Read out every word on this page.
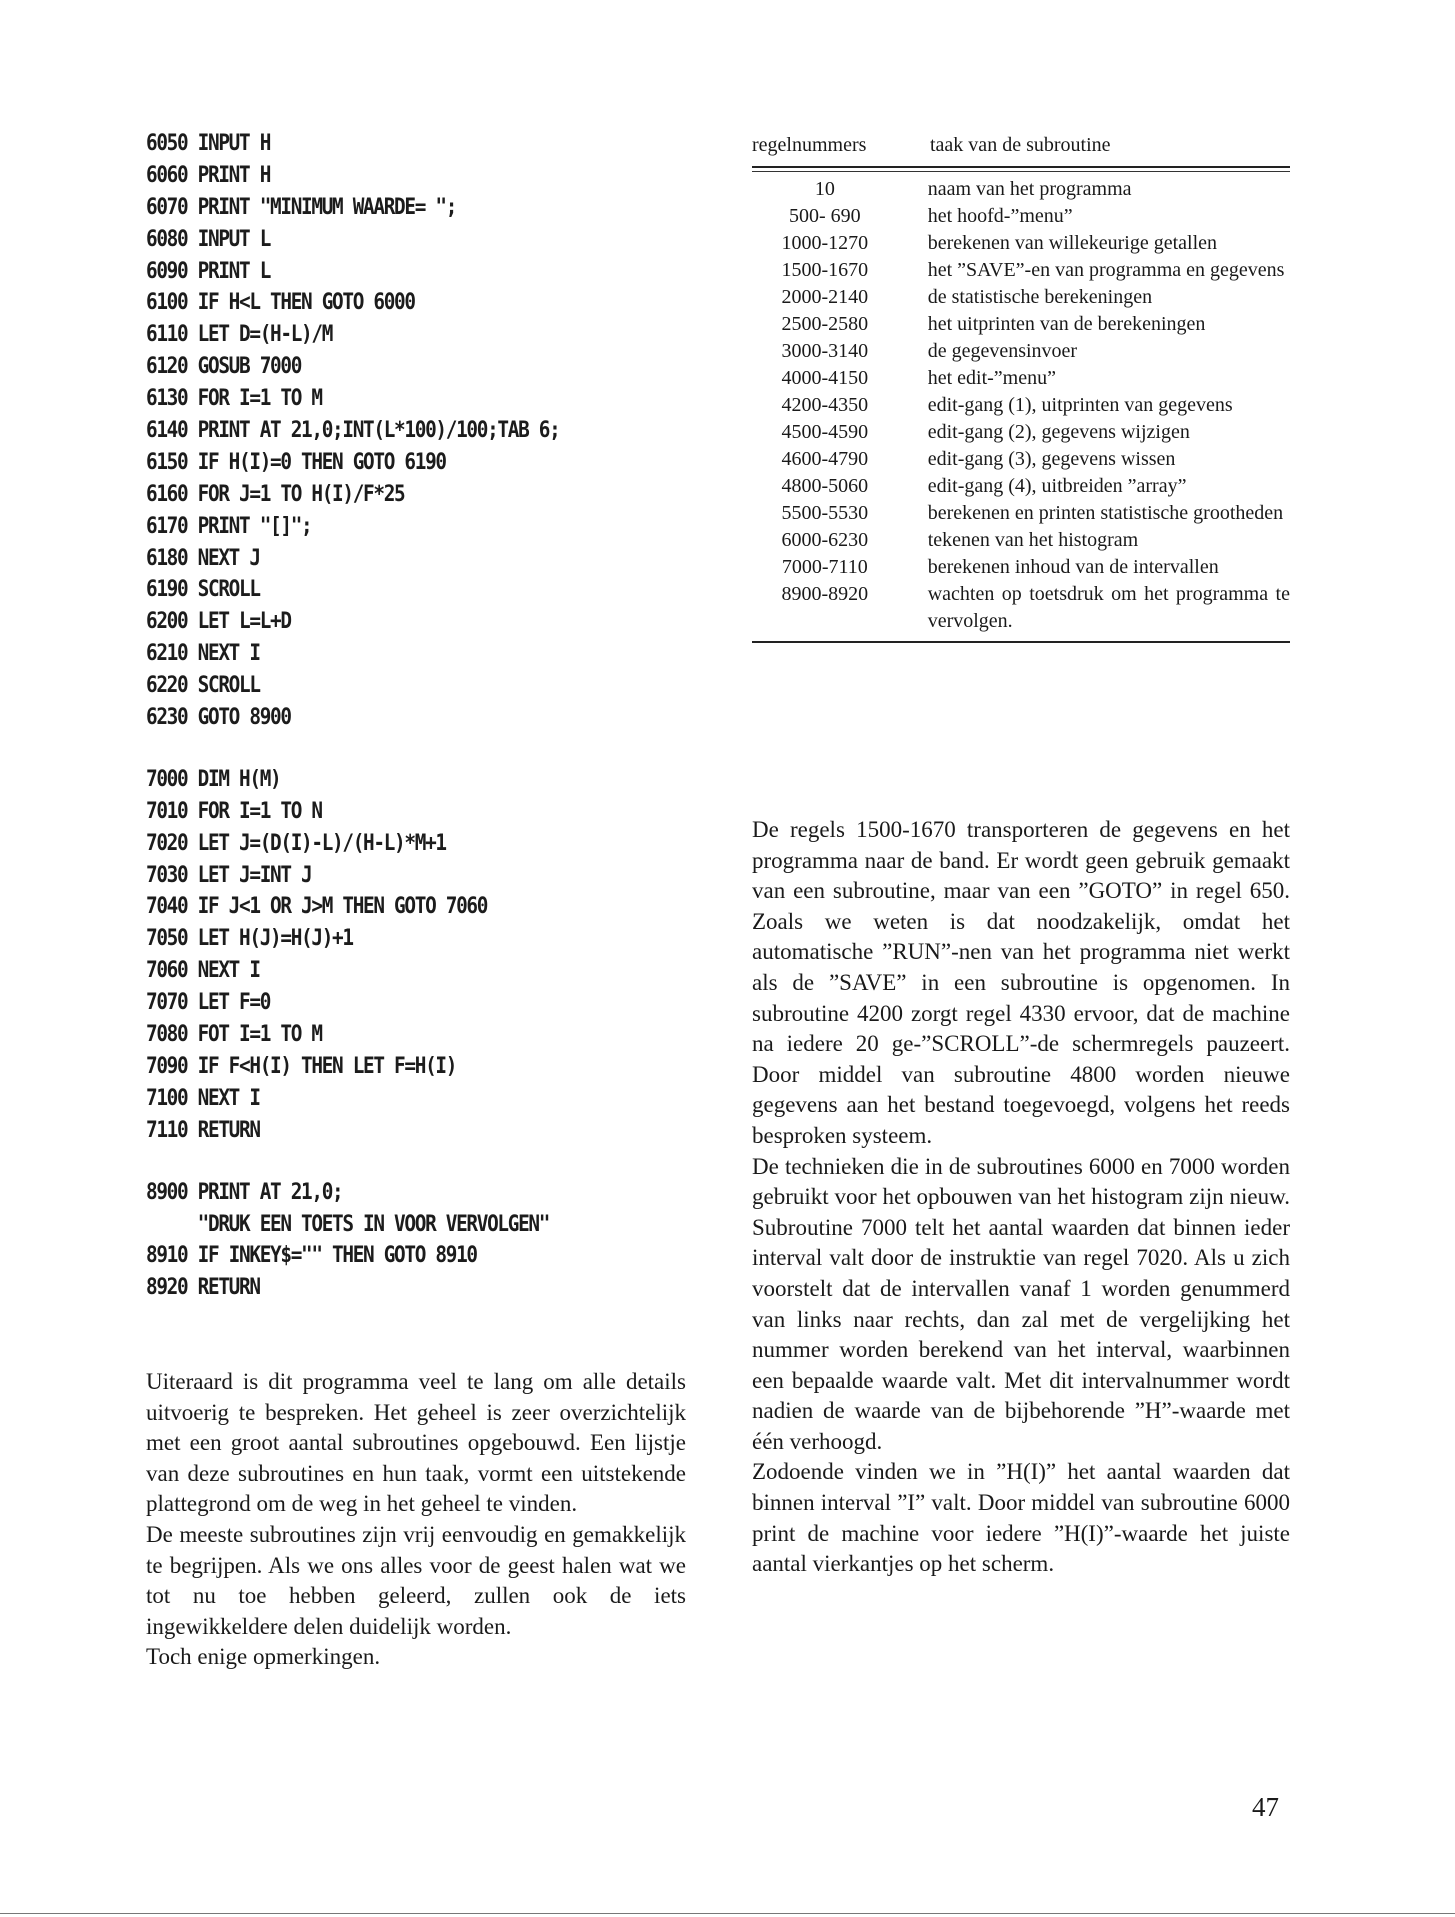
6050 INPUT H
6060 PRINT H
6070 PRINT "MINIMUM WAARDE= ";
6080 INPUT L
6090 PRINT L
6100 IF H<L THEN GOTO 6000
6110 LET D=(H-L)/M
6120 GOSUB 7000
6130 FOR I=1 TO M
6140 PRINT AT 21,0;INT(L*100)/100;TAB 6;
6150 IF H(I)=0 THEN GOTO 6190
6160 FOR J=1 TO H(I)/F*25
6170 PRINT "[]";
6180 NEXT J
6190 SCROLL
6200 LET L=L+D
6210 NEXT I
6220 SCROLL
6230 GOTO 8900
7000 DIM H(M)
7010 FOR I=1 TO N
7020 LET J=(D(I)-L)/(H-L)*M+1
7030 LET J=INT J
7040 IF J<1 OR J>M THEN GOTO 7060
7050 LET H(J)=H(J)+1
7060 NEXT I
7070 LET F=0
7080 FOT I=1 TO M
7090 IF F<H(I) THEN LET F=H(I)
7100 NEXT I
7110 RETURN
8900 PRINT AT 21,0;
"DRUK EEN TOETS IN VOOR VERVOLGEN"
8910 IF INKEY$="" THEN GOTO 8910
8920 RETURN

Uiteraard is dit programma veel te lang om alle details uitvoerig te bespreken. Het geheel is zeer overzichtelijk met een groot aantal subroutines opgebouwd. Een lijstje van deze subroutines en hun taak, vormt een uitstekende plattegrond om de weg in het geheel te vinden.

De meeste subroutines zijn vrij eenvoudig en gemakkelijk te begrijpen. Als we ons alles voor de geest halen wat we tot nu toe hebben geleerd, zullen ook de iets ingewikkeldere delen duidelijk worden.

Toch enige opmerkingen.

regelnummers	taak van de subroutine
10	naam van het programma
500- 690	het hoofd-”menu”
1000-1270	berekenen van willekeurige getallen
1500-1670	het ”SAVE”-en van programma en gegevens
2000-2140	de statistische berekeningen
2500-2580	het uitprinten van de berekeningen
3000-3140	de gegevensinvoer
4000-4150	het edit-”menu”
4200-4350	edit-gang (1), uitprinten van gegevens
4500-4590	edit-gang (2), gegevens wijzigen
4600-4790	edit-gang (3), gegevens wissen
4800-5060	edit-gang (4), uitbreiden ”array”
5500-5530	berekenen en printen statistische grootheden
6000-6230	tekenen van het histogram
7000-7110	berekenen inhoud van de intervallen
8900-8920	wachten op toetsdruk om het programma te vervolgen.

De regels 1500-1670 transporteren de gegevens en het programma naar de band. Er wordt geen gebruik gemaakt van een subroutine, maar van een ”GOTO” in regel 650. Zoals we weten is dat noodzakelijk, omdat het automatische ”RUN”-nen van het programma niet werkt als de ”SAVE” in een subroutine is opgenomen. In subroutine 4200 zorgt regel 4330 ervoor, dat de machine na iedere 20 ge-”SCROLL”-de schermregels pauzeert. Door middel van subroutine 4800 worden nieuwe gegevens aan het bestand toegevoegd, volgens het reeds besproken systeem.

De technieken die in de subroutines 6000 en 7000 worden gebruikt voor het opbouwen van het histogram zijn nieuw. Subroutine 7000 telt het aantal waarden dat binnen ieder interval valt door de instruktie van regel 7020. Als u zich voorstelt dat de intervallen vanaf 1 worden genummerd van links naar rechts, dan zal met de vergelijking het nummer worden berekend van het interval, waarbinnen een bepaalde waarde valt. Met dit intervalnummer wordt nadien de waarde van de bijbehorende ”H”-waarde met één verhoogd.

Zodoende vinden we in ”H(I)” het aantal waarden dat binnen interval ”I” valt. Door middel van subroutine 6000 print de machine voor iedere ”H(I)”-waarde het juiste aantal vierkantjes op het scherm.

47
